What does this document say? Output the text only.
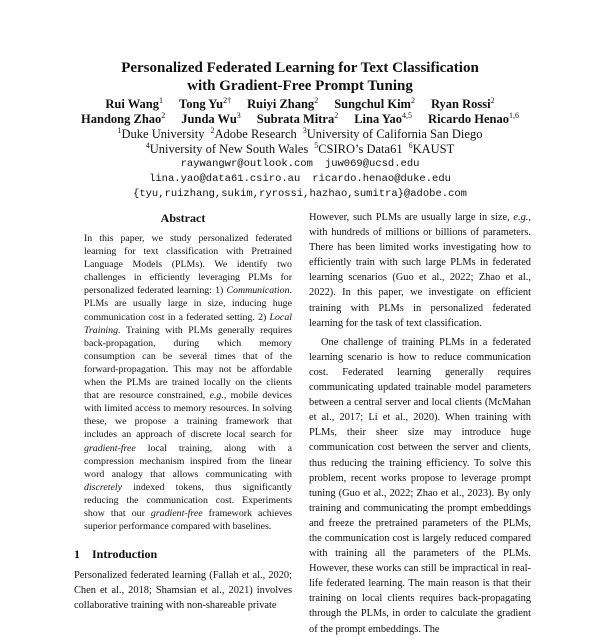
Personalized Federated Learning for Text Classification
with Gradient-Free Prompt Tuning
Rui Wang$^1$ Tong $Yu^{2\dagger}$ Ruiyi Zhang$^2$ Sungchul Kim$^2$ Ryan Rossi$^2$
Handong Zhao$^2$ Junda Wu$^3$ Subrata Mitra$^2$ Lina Yao$^{4,5}$ Ricardo Henao$^{1,6}$
$^1$Duke University $^2$Adobe Research $^3$University of California San Diego
$^4$University of New South Wales $^5$CSIRO’s Data61 $^6$KAUST
raywangwr@outlook.com juw069@ucsd.edu
lina.yao@data61.csiro.au ricardo.henao@duke.edu
{tyu,ruizhang,sukim,ryrossi,hazhao,sumitra}@adobe.com
Abstract

In this paper, we study personalized federated learning for text classification with Pretrained Language Models (PLMs). We identify two challenges in efficiently leveraging PLMs for personalized federated learning: 1) Communication. PLMs are usually large in size, inducing huge communication cost in a federated setting. 2) Local Training. Training with PLMs generally requires back-propagation, during which memory consumption can be several times that of the forward-propagation. This may not be affordable when the PLMs are trained locally on the clients that are resource constrained, e.g., mobile devices with limited access to memory resources. In solving these, we propose a training framework that includes an approach of discrete local search for gradient-free local training, along with a compression mechanism inspired from the linear word analogy that allows communicating with discretely indexed tokens, thus significantly reducing the communication cost. Experiments show that our gradient-free framework achieves superior performance compared with baselines.

1 Introduction

Personalized federated learning (Fallah et al., 2020; Chen et al., 2018; Shamsian et al., 2021) involves collaborative training with non-shareable private

However, such PLMs are usually large in size, e.g., with hundreds of millions or billions of parameters. There has been limited works investigating how to efficiently train with such large PLMs in federated learning scenarios (Guo et al., 2022; Zhao et al., 2022). In this paper, we investigate on efficient training with PLMs in personalized federated learning for the task of text classification.

One challenge of training PLMs in a federated learning scenario is how to reduce communication cost. Federated learning generally requires communicating updated trainable model parameters between a central server and local clients (McMahan et al., 2017; Li et al., 2020). When training with PLMs, their sheer size may introduce huge communication cost between the server and clients, thus reducing the training efficiency. To solve this problem, recent works propose to leverage prompt tuning (Guo et al., 2022; Zhao et al., 2023). By only training and communicating the prompt embeddings and freeze the pretrained parameters of the PLMs, the communication cost is largely reduced compared with training all the parameters of the PLMs. However, these works can still be impractical in real-life federated learning. The main reason is that their training on local clients requires back-propagating through the PLMs, in order to calculate the gradient of the prompt embeddings. The
